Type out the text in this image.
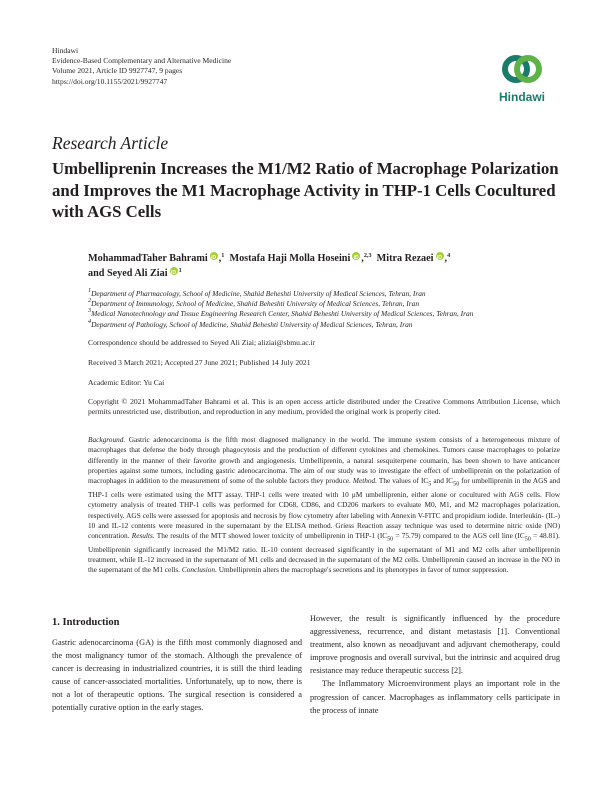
Hindawi
Evidence-Based Complementary and Alternative Medicine
Volume 2021, Article ID 9927747, 9 pages
https://doi.org/10.1155/2021/9927747
Hindawi
Research Article
Umbelliprenin Increases the M1/M2 Ratio of Macrophage Polarization and Improves the M1 Macrophage Activity in THP-1 Cells Cocultured with AGS Cells
MohammadTaher Bahrami iD ,$^1$ Mostafa Haji Molla Hoseini iD ,$^{2,3}$ Mitra Rezaei iD ,$^4$
and Seyed Ali Ziai iD $^1$
$^1$Department of Pharmacology, School of Medicine, Shahid Beheshti University of Medical Sciences, Tehran, Iran
$^2$Department of Immunology, School of Medicine, Shahid Beheshti University of Medical Sciences, Tehran, Iran
$^3$Medical Nanotechnology and Tissue Engineering Research Center, Shahid Beheshti University of Medical Sciences, Tehran, Iran
$^4$Department of Pathology, School of Medicine, Shahid Beheshti University of Medical Sciences, Tehran, Iran
Correspondence should be addressed to Seyed Ali Ziai; aliziai@sbmu.ac.ir
Received 3 March 2021; Accepted 27 June 2021; Published 14 July 2021
Academic Editor: Yu Cai
Copyright © 2021 MohammadTaher Bahrami et al. This is an open access article distributed under the Creative Commons Attribution License, which permits unrestricted use, distribution, and reproduction in any medium, provided the original work is properly cited.
Background. Gastric adenocarcinoma is the fifth most diagnosed malignancy in the world. The immune system consists of a heterogeneous mixture of macrophages that defense the body through phagocytosis and the production of different cytokines and chemokines. Tumors cause macrophages to polarize differently in the manner of their favorite growth and angiogenesis. Umbelliprenin, a natural sesquiterpene coumarin, has been shown to have anticancer properties against some tumors, including gastric adenocarcinoma. The aim of our study was to investigate the effect of umbelliprenin on the polarization of macrophages in addition to the measurement of some of the soluble factors they produce. Method. The values of $IC_5$ and $IC_{50}$ for umbelliprenin in the AGS and THP-1 cells were estimated using the MTT assay. THP-1 cells were treated with 10 μM umbelliprenin, either alone or cocultured with AGS cells. Flow cytometry analysis of treated THP-1 cells was performed for CD68, CD86, and CD206 markers to evaluate M0, M1, and M2 macrophages polarization, respectively. AGS cells were assessed for apoptosis and necrosis by flow cytometry after labeling with Annexin V-FITC and propidium iodide. Interleukin- (IL-) 10 and IL-12 contents were measured in the supernatant by the ELISA method. Griess Reaction assay technique was used to determine nitric oxide (NO) concentration. Results. The results of the MTT showed lower toxicity of umbelliprenin in THP-1 $(IC_{50} = 75.79)$ compared to the AGS cell line $(IC_{50} = 48.81)$. Umbelliprenin significantly increased the M1/M2 ratio. IL-10 content decreased significantly in the supernatant of M1 and M2 cells after umbelliprenin treatment, while IL-12 increased in the supernatant of M1 cells and decreased in the supernatant of the M2 cells. Umbelliprenin caused an increase in the NO in the supernatant of the M1 cells. Conclusion. Umbelliprenin alters the macrophage's secretions and its phenotypes in favor of tumor suppression.
1. Introduction

Gastric adenocarcinoma (GA) is the fifth most commonly diagnosed and the most malignancy tumor of the stomach. Although the prevalence of cancer is decreasing in industrialized countries, it is still the third leading cause of cancer-associated mortalities. Unfortunately, up to now, there is not a lot of therapeutic options. The surgical resection is considered a potentially curative option in the early stages.

However, the result is significantly influenced by the procedure aggressiveness, recurrence, and distant metastasis [1]. Conventional treatment, also known as neoadjuvant and adjuvant chemotherapy, could improve prognosis and overall survival, but the intrinsic and acquired drug resistance may reduce therapeutic success [2].

The Inflammatory Microenvironment plays an important role in the progression of cancer. Macrophages as inflammatory cells participate in the process of innate
